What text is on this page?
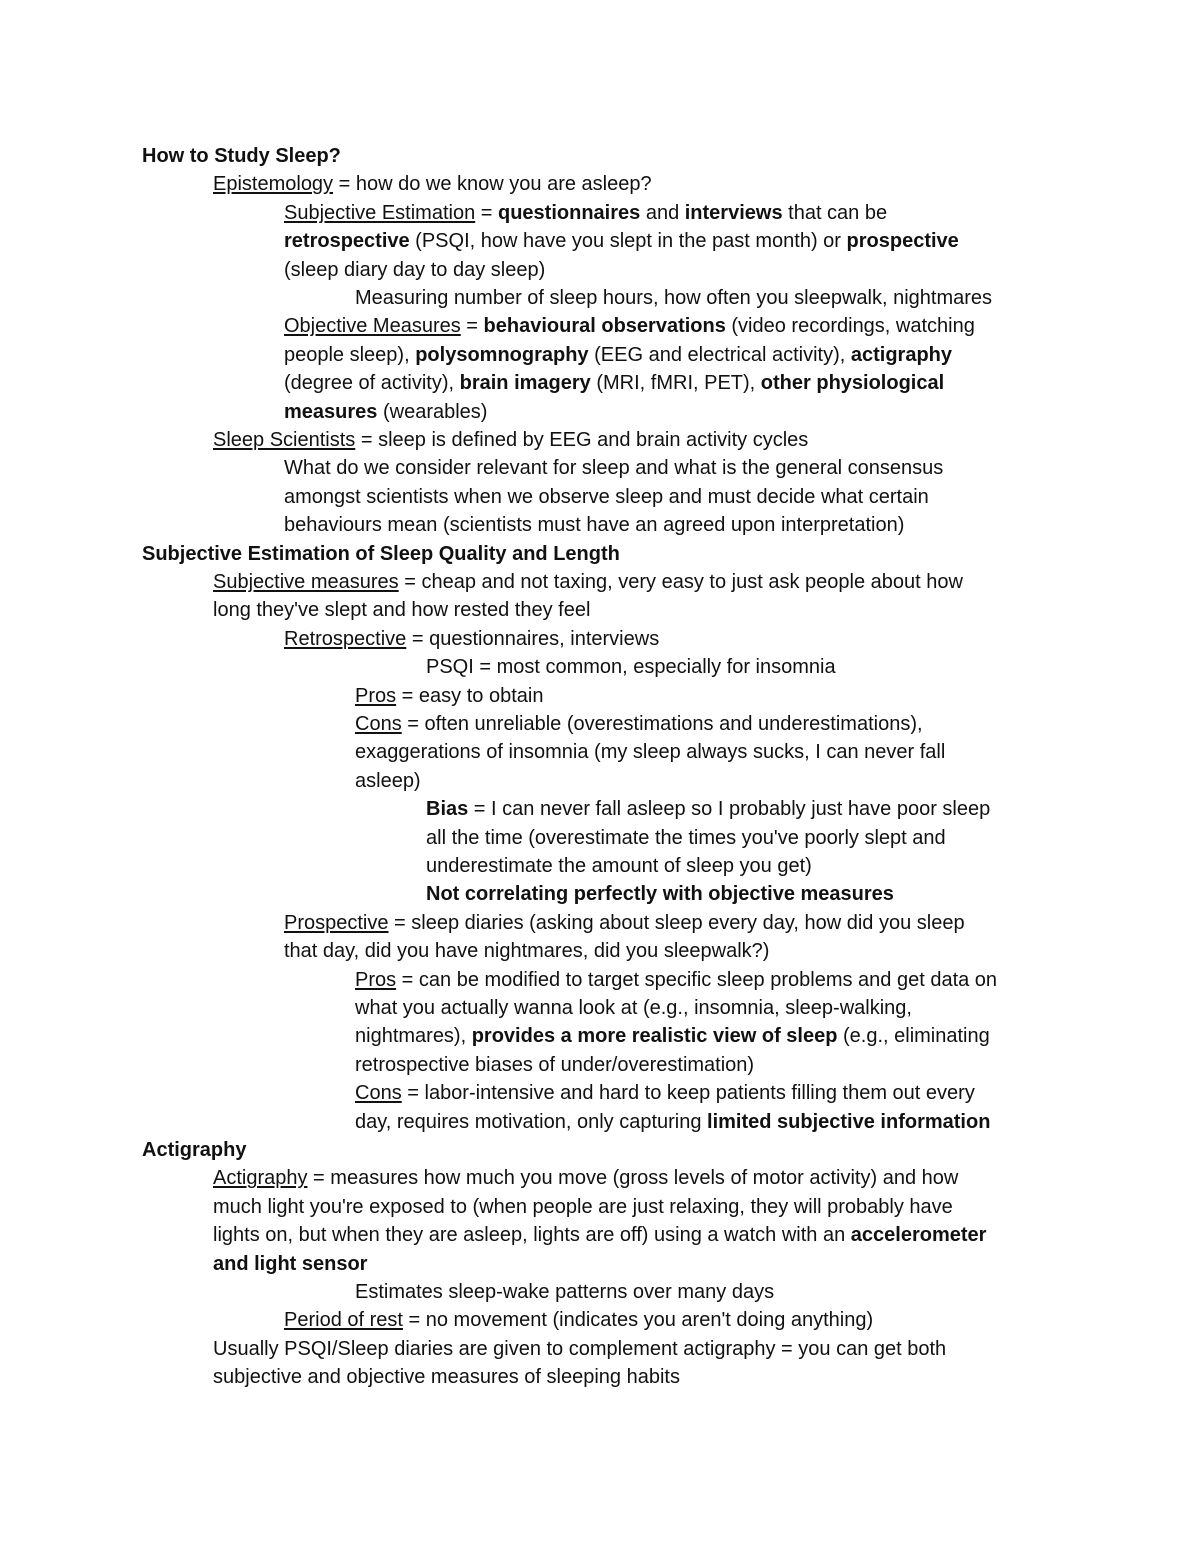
How to Study Sleep?
Epistemology = how do we know you are asleep?
Subjective Estimation = questionnaires and interviews that can be
retrospective (PSQI, how have you slept in the past month) or prospective
(sleep diary day to day sleep)
Measuring number of sleep hours, how often you sleepwalk, nightmares
Objective Measures = behavioural observations (video recordings, watching
people sleep), polysomnography (EEG and electrical activity), actigraphy
(degree of activity), brain imagery (MRI, fMRI, PET), other physiological
measures (wearables)
Sleep Scientists = sleep is defined by EEG and brain activity cycles
What do we consider relevant for sleep and what is the general consensus
amongst scientists when we observe sleep and must decide what certain
behaviours mean (scientists must have an agreed upon interpretation)
Subjective Estimation of Sleep Quality and Length
Subjective measures = cheap and not taxing, very easy to just ask people about how
long they've slept and how rested they feel
Retrospective = questionnaires, interviews
PSQI = most common, especially for insomnia
Pros = easy to obtain
Cons = often unreliable (overestimations and underestimations),
exaggerations of insomnia (my sleep always sucks, I can never fall
asleep)
Bias = I can never fall asleep so I probably just have poor sleep
all the time (overestimate the times you've poorly slept and
underestimate the amount of sleep you get)
Not correlating perfectly with objective measures
Prospective = sleep diaries (asking about sleep every day, how did you sleep
that day, did you have nightmares, did you sleepwalk?)
Pros = can be modified to target specific sleep problems and get data on
what you actually wanna look at (e.g., insomnia, sleep-walking,
nightmares), provides a more realistic view of sleep (e.g., eliminating
retrospective biases of under/overestimation)
Cons = labor-intensive and hard to keep patients filling them out every
day, requires motivation, only capturing limited subjective information
Actigraphy
Actigraphy = measures how much you move (gross levels of motor activity) and how
much light you're exposed to (when people are just relaxing, they will probably have
lights on, but when they are asleep, lights are off) using a watch with an accelerometer
and light sensor
Estimates sleep-wake patterns over many days
Period of rest = no movement (indicates you aren't doing anything)
Usually PSQI/Sleep diaries are given to complement actigraphy = you can get both
subjective and objective measures of sleeping habits
